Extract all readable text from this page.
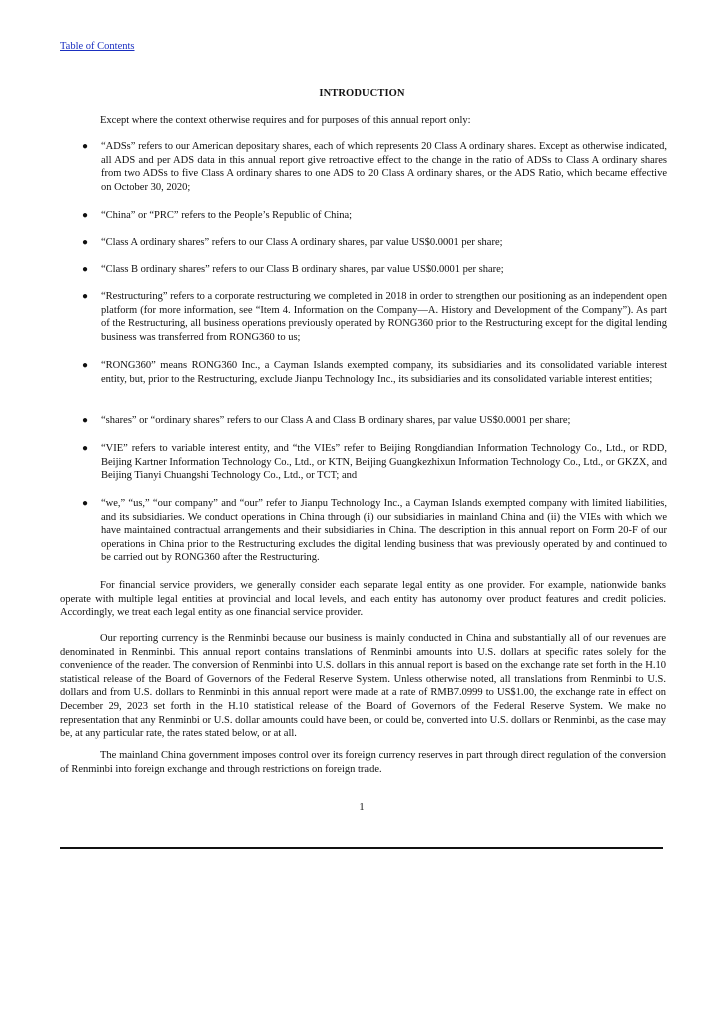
Table of Contents
INTRODUCTION
Except where the context otherwise requires and for purposes of this annual report only:
● “ADSs” refers to our American depositary shares, each of which represents 20 Class A ordinary shares. Except as otherwise indicated, all ADS and per ADS data in this annual report give retroactive effect to the change in the ratio of ADSs to Class A ordinary shares from two ADSs to five Class A ordinary shares to one ADS to 20 Class A ordinary shares, or the ADS Ratio, which became effective on October 30, 2020;
● “China” or “PRC” refers to the People’s Republic of China;
● “Class A ordinary shares” refers to our Class A ordinary shares, par value US$0.0001 per share;
● “Class B ordinary shares” refers to our Class B ordinary shares, par value US$0.0001 per share;
● “Restructuring” refers to a corporate restructuring we completed in 2018 in order to strengthen our positioning as an independent open platform (for more information, see “Item 4. Information on the Company—A. History and Development of the Company”). As part of the Restructuring, all business operations previously operated by RONG360 prior to the Restructuring except for the digital lending business was transferred from RONG360 to us;
● “RONG360” means RONG360 Inc., a Cayman Islands exempted company, its subsidiaries and its consolidated variable interest entity, but, prior to the Restructuring, exclude Jianpu Technology Inc., its subsidiaries and its consolidated variable interest entities;
● “shares” or “ordinary shares” refers to our Class A and Class B ordinary shares, par value US$0.0001 per share;
● “VIE” refers to variable interest entity, and “the VIEs” refer to Beijing Rongdiandian Information Technology Co., Ltd., or RDD, Beijing Kartner Information Technology Co., Ltd., or KTN, Beijing Guangkezhixun Information Technology Co., Ltd., or GKZX, and Beijing Tianyi Chuangshi Technology Co., Ltd., or TCT; and
● “we,” “us,” “our company” and “our” refer to Jianpu Technology Inc., a Cayman Islands exempted company with limited liabilities, and its subsidiaries. We conduct operations in China through (i) our subsidiaries in mainland China and (ii) the VIEs with which we have maintained contractual arrangements and their subsidiaries in China. The description in this annual report on Form 20-F of our operations in China prior to the Restructuring excludes the digital lending business that was previously operated by and continued to be carried out by RONG360 after the Restructuring.
For financial service providers, we generally consider each separate legal entity as one provider. For example, nationwide banks operate with multiple legal entities at provincial and local levels, and each entity has autonomy over product features and credit policies. Accordingly, we treat each legal entity as one financial service provider.
Our reporting currency is the Renminbi because our business is mainly conducted in China and substantially all of our revenues are denominated in Renminbi. This annual report contains translations of Renminbi amounts into U.S. dollars at specific rates solely for the convenience of the reader. The conversion of Renminbi into U.S. dollars in this annual report is based on the exchange rate set forth in the H.10 statistical release of the Board of Governors of the Federal Reserve System. Unless otherwise noted, all translations from Renminbi to U.S. dollars and from U.S. dollars to Renminbi in this annual report were made at a rate of RMB7.0999 to US$1.00, the exchange rate in effect on December 29, 2023 set forth in the H.10 statistical release of the Board of Governors of the Federal Reserve System. We make no representation that any Renminbi or U.S. dollar amounts could have been, or could be, converted into U.S. dollars or Renminbi, as the case may be, at any particular rate, the rates stated below, or at all.
The mainland China government imposes control over its foreign currency reserves in part through direct regulation of the conversion of Renminbi into foreign exchange and through restrictions on foreign trade.
1
